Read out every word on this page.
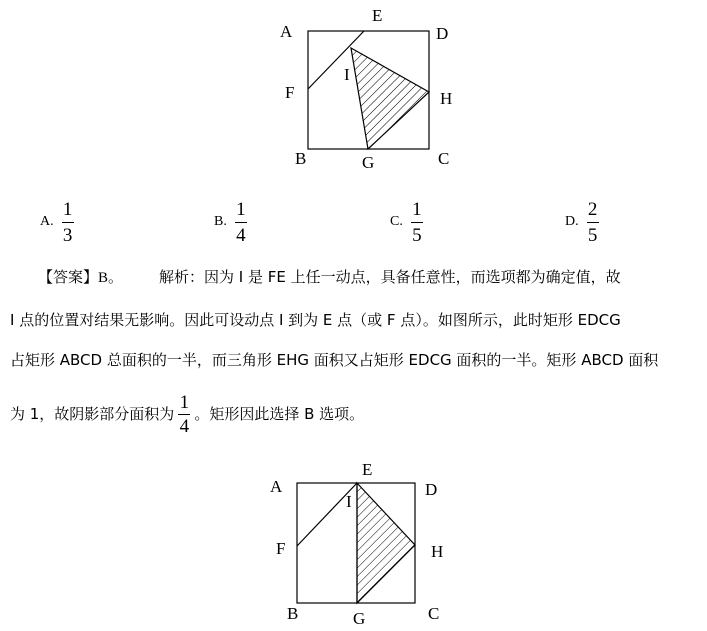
A
E
D
F
I
H
B	G	C
A
E
D
F
I
H
B	G	C
A. $\frac{1}{3}$	B. $\frac{1}{4}$	C. $\frac{1}{5}$	D. $\frac{2}{5}$
【答案】B。 解析：因为 I 是 FE 上任一动点，具备任意性，而选项都为确定值，故
I 点的位置对结果无影响。因此可设动点 I 到为 E 点（或 F 点）。如图所示，此时矩形 EDCG
占矩形 ABCD 总面积的一半，而三角形 EHG 面积又占矩形 EDCG 面积的一半。矩形 ABCD 面积
为 1，故阴影部分面积为 $\frac{1}{4}$ 。矩形因此选择 B 选项。
